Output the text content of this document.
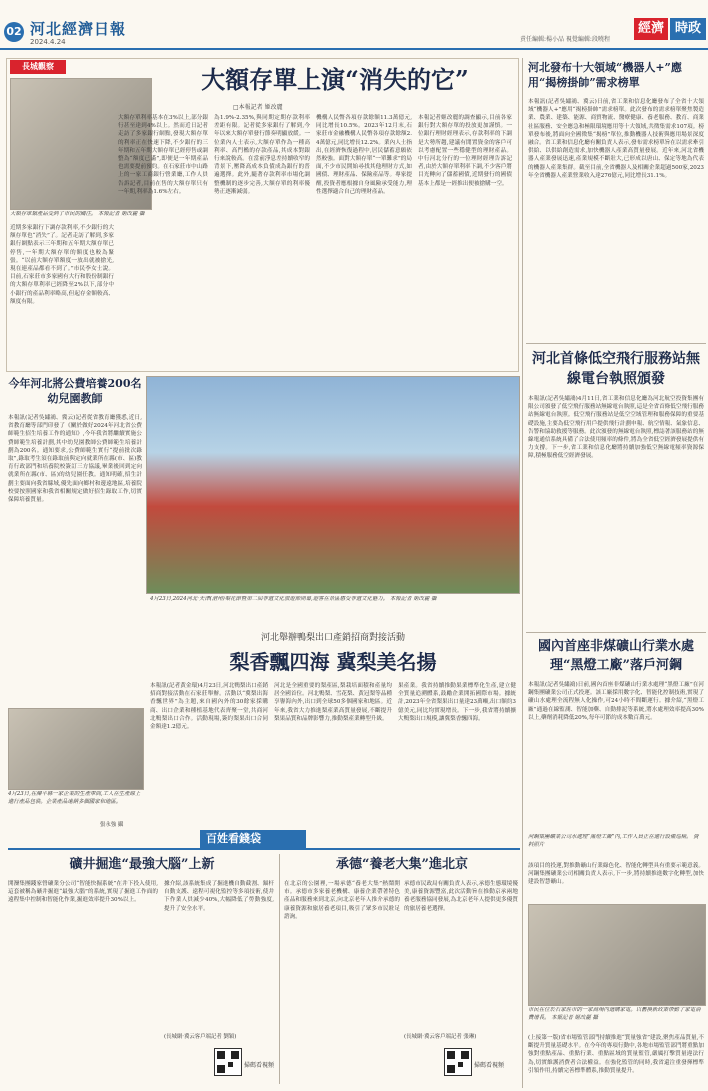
02 河北經濟日報
2024.4.24	責任編輯:楊小品 視覺編輯:段曉程
經濟 時政
長城觀察
大額存單類產品受到了市民的關注。 本報記者 姬改麗 攝
大額存單上演“消失的它”
□本報記者 姬改麗
近期多家銀行下調存款利率,不少銀行的大額存單也“消失”了。記者走訪了解到,多家銀行網點表示三年期和五年期大額存單已停售,一年期大額存單的額度也較為緊張。“以前大額存單額度一放出就被搶光,現在連產品都看不到了。”市民李女士說。目前,石家莊市多家國有大行和股份制銀行的大額存單利率已經降至2%以下,部分中小銀行的產品利率略高,但起存金額較高、額度有限。
大額存單利率基本在3%以上,部分銀行甚至達到4%以上。然而近日記者走訪了多家銀行網點,發現大額存單的利率正在快速下降,不少銀行的三年期和五年期大額存單已經停售或調整為“額度已滿”,即便是一年期產品也需要提前預約。在石家莊市中山路上的一家工商銀行營業廳,工作人員告訴記者,目前在售的大額存單只有一年期,利率為1.6%左右。
為1.9%-2.35%,與同期定期存款利率差距有限。記者從多家銀行了解到,今年以來大額存單發行節奏明顯放緩。一位業內人士表示,大額存單作為一種高利率、高門檻的存款產品,其成本對銀行來說較高。在當前淨息差持續收窄的背景下,壓降高成本負債成為銀行的普遍選擇。此外,隨著存款利率市場化調整機制的逐步完善,大額存單的利率優勢正逐漸減弱。
機構人民幣各項存款餘額11.3萬億元,同比增長10.5%。2023年12月末,石家莊市金融機構人民幣各項存款餘額2.4萬億元,同比增長12.2%。業內人士指出,在經濟恢復過程中,居民儲蓄意願依然較強。面對大額存單“一單難求”的局面,不少市民開始尋找其他理財方式,如國債、理財產品、保險產品等。專家提醒,投資者應根據自身風險承受能力,理性選擇適合自己的理財產品。
本報記者姬改麗的調查顯示,目前各家銀行對大額存單的投放更加謹慎。一位銀行理財經理表示,存款利率的下調是大勢所趨,建議有閒置資金的客戶可以考慮配置一些穩健型的理財產品。中行河北分行的一位理財經理告訴記者,由於大額存單利率下調,不少客戶將目光轉向了儲蓄國債,近期發行的國債基本上都是一經推出便被搶購一空。
河北發布十大領域“機器人+”應用“揭榜掛帥”需求榜單
本報訊(記者吳繡鴻、冀云)日前,省工業和信息化廳發布了全省十大領域“機器人+”應用“揭榜掛帥”需求榜單。此次發布的需求榜單聚焦製造業、農業、建築、能源、商貿物流、醫療健康、養老服務、教育、商業社區服務、安全應急和極限環境應用等十大領域,共徵集需求107項。榜單發布後,將面向全國徵集“揭榜”單位,推動機器人技術與應用場景深度融合。省工業和信息化廳有關負責人表示,發布需求榜單旨在以需求牽引供給、以供給創造需求,加快機器人產業高質量發展。近年來,河北省機器人產業發展迅速,產業規模不斷壯大,已形成以唐山、保定等地為代表的機器人產業集群。截至目前,全省機器人及相關企業超過500家,2023年全省機器人產業營業收入達276億元,同比增長31.1%。
河北首條低空飛行服務站無線電台執照頒發
本報訊(記者吳繡鴻)4月11日,省工業和信息化廳為河北航空投資集團有限公司頒發了低空飛行服務站無線電台執照,這是全省首條低空飛行服務站無線電台執照。低空飛行服務站是低空空域管理和服務保障的重要基礎設施,主要為低空飛行用戶提供飛行計劃申報、航空情報、氣象信息、告警和協助救援等服務。此次頒發的無線電台執照,標誌著該服務站的無線電通信系統具備了合法使用頻率的條件,將為全省低空經濟發展提供有力支撐。下一步,省工業和信息化廳將持續加強低空無線電頻率資源保障,積極服務低空經濟發展。
國內首座非煤礦山行業水處理“黑燈工廠”落戶河鋼
本報訊(記者吳繡鴻)日前,國內首座非煤礦山行業水處理“黑燈工廠”在河鋼集團礦業公司正式投運。該工廠採用數字化、智能化控制技術,實現了礦山水處理全流程無人化操作,可24小時不間斷運行。據介紹,“黑燈工廠”通過在線監測、智能加藥、自動排泥等系統,將水處理效率提高30%以上,藥劑消耗降低20%,每年可節約成本數百萬元。
河鋼集團礦業公司水處理“黑燈工廠”內,工作人員正在進行設備巡檢。 資料照片
該項目的投運,對推動礦山行業綠色化、智能化轉型具有重要示範意義。河鋼集團礦業公司相關負責人表示,下一步,將持續推進數字化轉型,加快建設智慧礦山。
今年河北將公費培養200名幼兒園教師
本報訊(記者吳繡鴻、冀云)記者從省教育廳獲悉,近日,省教育廳等部門印發了《關於做好2024年河北省公費師範生招生培養工作的通知》,今年我省將繼續實施公費師範生培養計劃,其中幼兒園教師公費師範生培養計劃為200名。通知要求,公費師範生實行“提前批次錄取”,錄取考生須在錄取前與定向就業所在縣(市、區)教育行政部門和培養院校簽訂三方協議,畢業後回到定向就業所在縣(市、區)的幼兒園任教。通知明確,招生計劃主要面向我省縣域,優先面向鄉村和邊遠地區,培養院校要按照國家和我省相關規定做好招生錄取工作,切實保障培養質量。
4月23日,2024河北·天津(滄州)梨花節暨第二屆非遺文化旅遊節開幕,遊客在景區感受非遺文化魅力。 本報記者 姬改麗 攝
河北舉辦鴨梨出口產銷招商對接活動
梨香飄四海 冀梨美名揚
本報訊(記者黃金環)4月23日,河北鴨梨出口產銷招商對接活動在石家莊舉辦。活動以“冀梨出海 香飄世界”為主題,來自國內外的30餘家採購商、出口企業和種植基地代表齊聚一堂,共商河北鴨梨出口合作。活動現場,簽約梨果出口合同金額達1.2億元。
河北是全國重要的梨產區,梨栽培面積和產量均居全國首位。河北鴨梨、雪花梨、黃冠梨等品種享譽海內外,出口到全球50多個國家和地區。近年來,我省大力推進梨產業高質量發展,不斷提升梨果品質和品牌影響力,推動梨產業轉型升級。
果產業。我省持續推動果業標準化生產,建立健全質量追溯體系,鼓勵企業開拓國際市場。據統計,2023年全省梨果出口量達23萬噸,出口額約3億美元,同比均實現增長。下一步,我省將持續擴大鴨梨出口規模,讓冀梨香飄四海。
4月23日,在灤平縣一家企業的生產車間,工人在生產線上進行產品包裝。企業產品遠銷多個國家和地區。
張永強 攝
百姓看錢袋
礦井掘進“最強大腦”上新
開灤集團錢家營礦業分公司“智能快掘系統”在井下投入使用,這套被稱為礦井掘進“最強大腦”的系統,實現了掘進工作面的遠程集中控制和智能化作業,掘進效率提升30%以上。
據介紹,該系統集成了掘進機自動截割、錨杆自動支護、遠程可視化監控等多項技術,使井下作業人員減少40%,大幅降低了勞動強度,提升了安全水平。
(長城網·冀云客戶端記者 劉穎)
掃碼看視頻
承德“養老大集”進北京
在北京的公園裡,一場承德“養老大集”熱鬧開市。承德市多家養老機構、康養企業帶著特色產品和服務來到北京,向北京老年人推介承德的康養資源和旅居養老項目,吸引了眾多市民駐足諮詢。
承德市民政局有關負責人表示,承德生態環境優美,康養資源豐富,此次活動旨在推動京承兩地養老服務協同發展,為北京老年人提供更多優質的旅居養老選擇。
(長城網·冀云客戶端記者 張琳)
掃碼看視頻
市民在位於石家莊市的一家商場內選購家電。以舊換新政策帶動了家電消費增長。 本報記者 姬改麗 攝
(上接第一版)省市場監管部門持續推進“質量強省”建設,聚焦產品質量,不斷提升質量基礎水平。在今年的專項行動中,各地市場監管部門將重點加強對重點產品、重點行業、重點區域的質量監管,嚴厲打擊質量違法行為,切實維護消費者合法權益。在強化監管的同時,我省還注重發揮標準引領作用,持續完善標準體系,推動質量提升。
